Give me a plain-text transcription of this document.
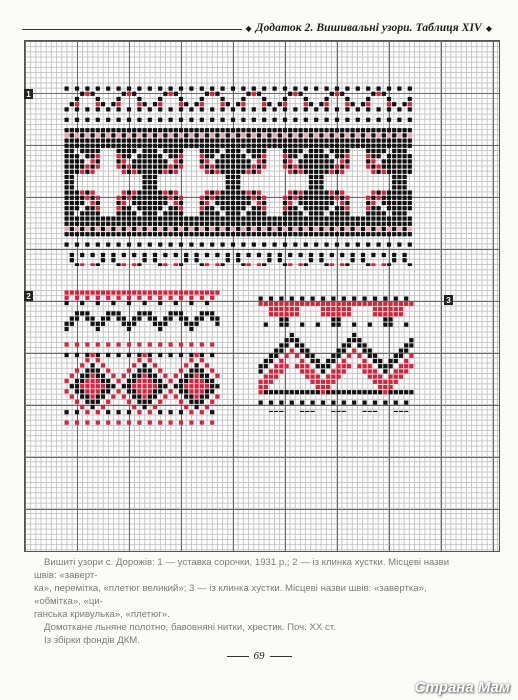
◆ Додаток 2. Вишивальні узори. Таблиця XIV ◆
1
2	3

Вишиті узори с. Дорожів: 1 — уставка сорочки, 1931 р.; 2 — із клинка хустки. Місцеві назви швів: «заверт-

ка», переміткa, «плетюг великий»; 3 — із клинка хустки. Місцеві назви швів: «завертка», «обмітка», «ци-

ганська кривулька», «плетюг».

Домоткане льняне полотно, бавовняні нитки, хрестик. Поч. XX ст.

Із збірки фондів ДКМ.

69
Страна Мам
